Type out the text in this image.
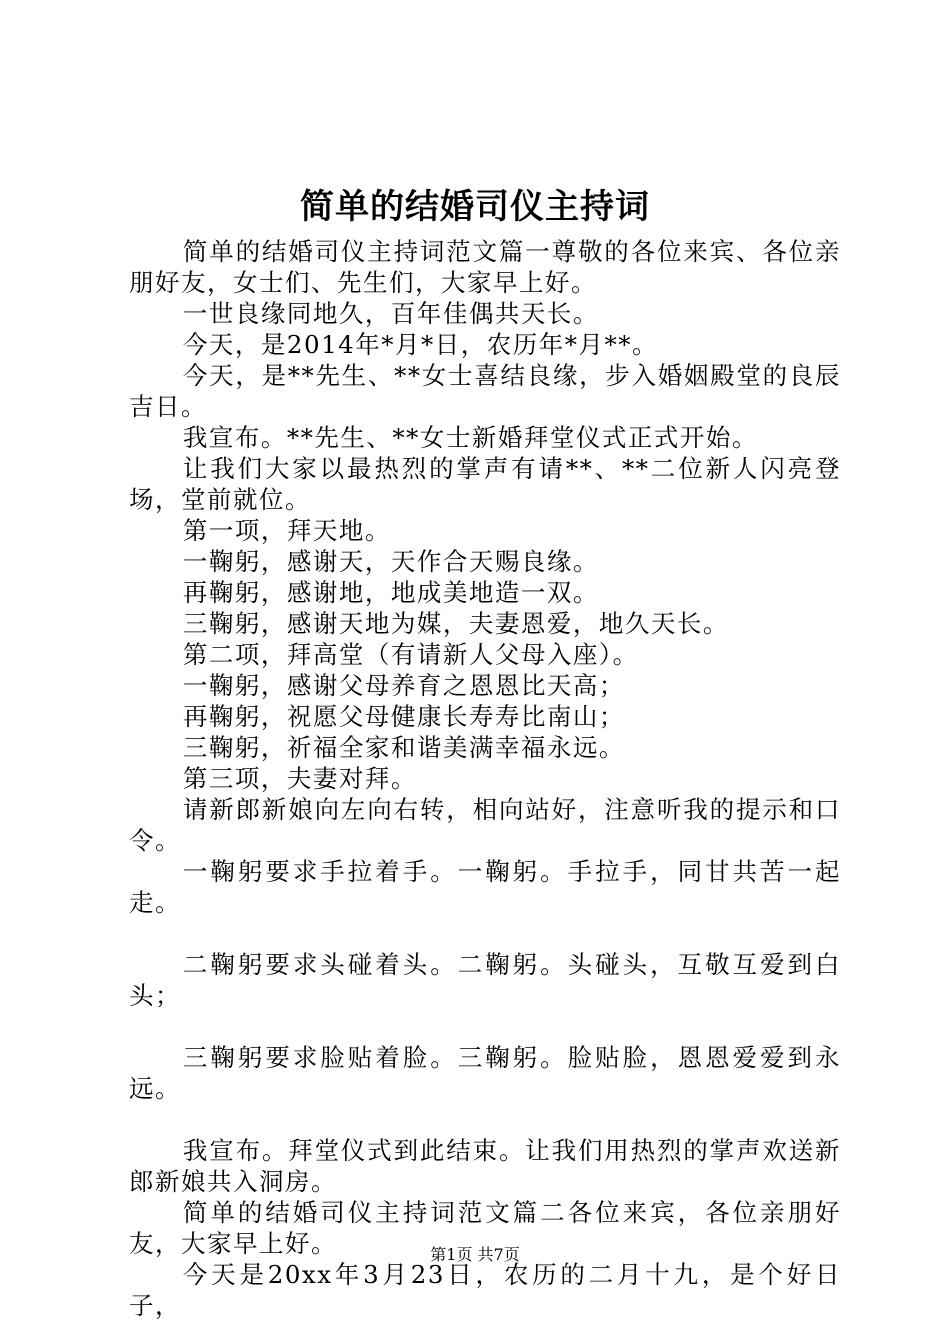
简单的结婚司仪主持词

简单的结婚司仪主持词范文篇一尊敬的各位来宾、各位亲朋好友，女士们、先生们，大家早上好。

一世良缘同地久，百年佳偶共天长。

今天，是2014年*月*日，农历年*月**。

今天，是**先生、**女士喜结良缘，步入婚姻殿堂的良辰吉日。

我宣布。**先生、**女士新婚拜堂仪式正式开始。

让我们大家以最热烈的掌声有请**、**二位新人闪亮登场，堂前就位。

第一项，拜天地。

一鞠躬，感谢天，天作合天赐良缘。

再鞠躬，感谢地，地成美地造一双。

三鞠躬，感谢天地为媒，夫妻恩爱，地久天长。

第二项，拜高堂（有请新人父母入座）。

一鞠躬，感谢父母养育之恩恩比天高；

再鞠躬，祝愿父母健康长寿寿比南山；

三鞠躬，祈福全家和谐美满幸福永远。

第三项，夫妻对拜。

请新郎新娘向左向右转，相向站好，注意听我的提示和口令。

一鞠躬要求手拉着手。一鞠躬。手拉手，同甘共苦一起走。

二鞠躬要求头碰着头。二鞠躬。头碰头，互敬互爱到白头；

三鞠躬要求脸贴着脸。三鞠躬。脸贴脸，恩恩爱爱到永远。

我宣布。拜堂仪式到此结束。让我们用热烈的掌声欢送新郎新娘共入洞房。

简单的结婚司仪主持词范文篇二各位来宾，各位亲朋好友，大家早上好。

今天是20xx年3月23日，农历的二月十九，是个好日子，

第1页 共7页
